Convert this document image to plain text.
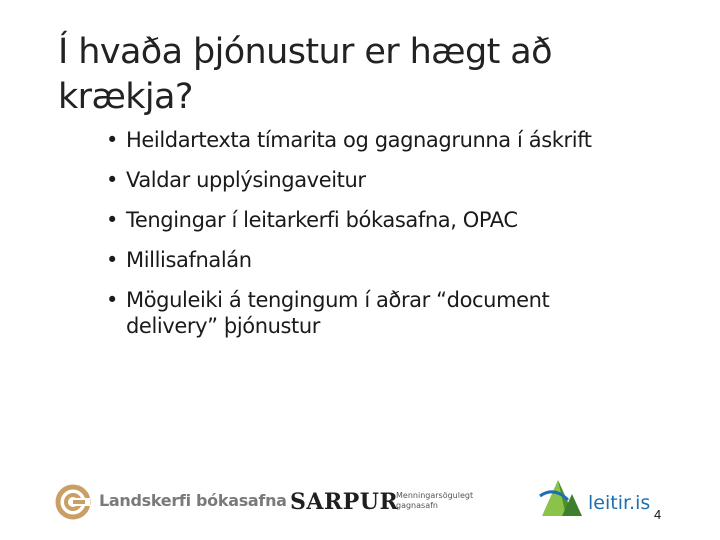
Í hvaða þjónustur er hægt að krækja?
• Heildartexta tímarita og gagnagrunna í áskrift
• Valdar upplýsingaveitur
• Tengingar í leitarkerfi bókasafna, OPAC
• Millisafnalán
• Möguleiki á tengingum í aðrar “document delivery” þjónustur
Landskerfi bókasafna SARPUR
Menningarsögulegt gagnasafn	leitir.is
4
